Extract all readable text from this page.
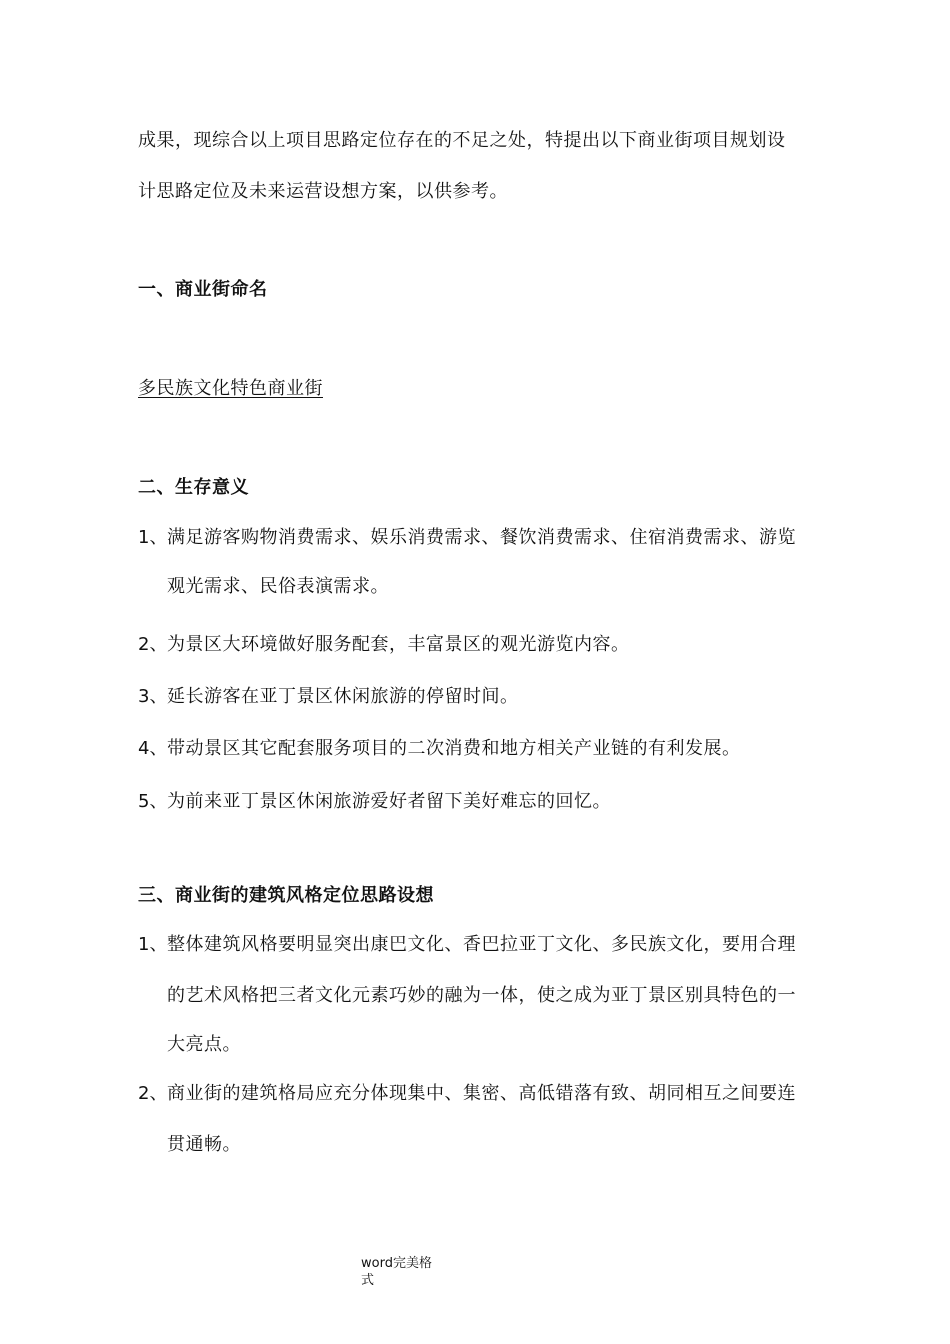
成果，现综合以上项目思路定位存在的不足之处，特提出以下商业街项目规划设
计思路定位及未来运营设想方案，以供参考。
一、商业街命名
多民族文化特色商业街
二、生存意义
1、 满足游客购物消费需求、娱乐消费需求、餐饮消费需求、住宿消费需求、游览
观光需求、民俗表演需求。
2、 为景区大环境做好服务配套，丰富景区的观光游览内容。
3、 延长游客在亚丁景区休闲旅游的停留时间。
4、 带动景区其它配套服务项目的二次消费和地方相关产业链的有利发展。
5、 为前来亚丁景区休闲旅游爱好者留下美好难忘的回忆。
三、商业街的建筑风格定位思路设想
1、 整体建筑风格要明显突出康巴文化、香巴拉亚丁文化、多民族文化，要用合理
的艺术风格把三者文化元素巧妙的融为一体，使之成为亚丁景区别具特色的一
大亮点。
2、 商业街的建筑格局应充分体现集中、集密、高低错落有致、胡同相互之间要连
贯通畅。
word完美格式
